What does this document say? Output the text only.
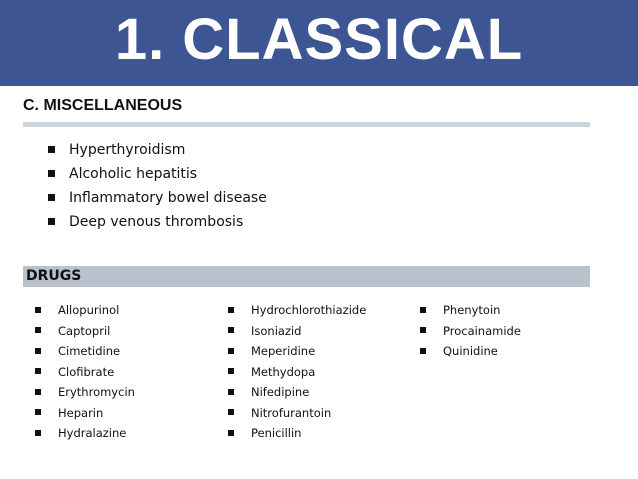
1. CLASSICAL
C. MISCELLANEOUS
Hyperthyroidism
Alcoholic hepatitis
Inflammatory bowel disease
Deep venous thrombosis
DRUGS
Allopurinol
Captopril
Cimetidine
Clofibrate
Erythromycin
Heparin
Hydralazine
Hydrochlorothiazide
Isoniazid
Meperidine
Methydopa
Nifedipine
Nitrofurantoin
Penicillin
Phenytoin
Procainamide
Quinidine
